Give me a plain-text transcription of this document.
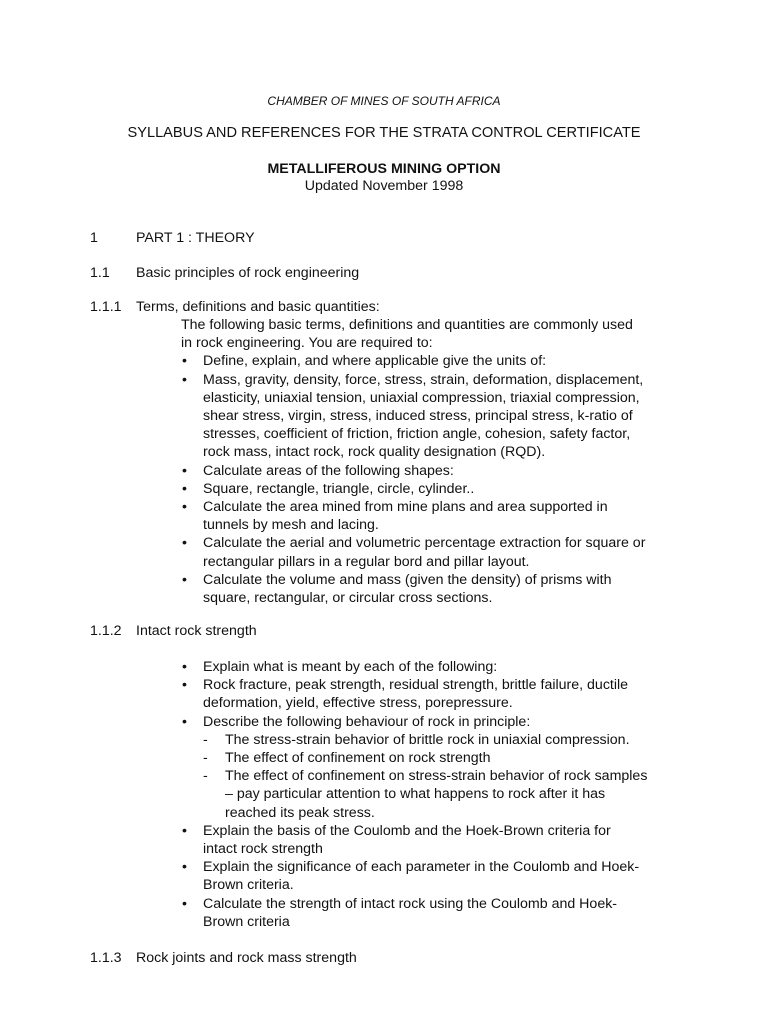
CHAMBER OF MINES OF SOUTH AFRICA
SYLLABUS AND REFERENCES FOR THE STRATA CONTROL CERTIFICATE
METALLIFEROUS MINING OPTION
Updated November 1998
1	PART 1 : THEORY
1.1 Basic principles of rock engineering
1.1.1 Terms, definitions and basic quantities:
The following basic terms, definitions and quantities are commonly used
in rock engineering. You are required to:
• Define, explain, and where applicable give the units of:
• Mass, gravity, density, force, stress, strain, deformation, displacement,
elasticity, uniaxial tension, uniaxial compression, triaxial compression,
shear stress, virgin, stress, induced stress, principal stress, k-ratio of
stresses, coefficient of friction, friction angle, cohesion, safety factor,
rock mass, intact rock, rock quality designation (RQD).
• Calculate areas of the following shapes:
• Square, rectangle, triangle, circle, cylinder..
• Calculate the area mined from mine plans and area supported in
tunnels by mesh and lacing.
• Calculate the aerial and volumetric percentage extraction for square or
rectangular pillars in a regular bord and pillar layout.
• Calculate the volume and mass (given the density) of prisms with
square, rectangular, or circular cross sections.
1.1.2 Intact rock strength
• Explain what is meant by each of the following:
• Rock fracture, peak strength, residual strength, brittle failure, ductile
deformation, yield, effective stress, porepressure.
• Describe the following behaviour of rock in principle:
- The stress-strain behavior of brittle rock in uniaxial compression.
- The effect of confinement on rock strength
- The effect of confinement on stress-strain behavior of rock samples
– pay particular attention to what happens to rock after it has
reached its peak stress.
• Explain the basis of the Coulomb and the Hoek-Brown criteria for
intact rock strength
• Explain the significance of each parameter in the Coulomb and Hoek-
Brown criteria.
• Calculate the strength of intact rock using the Coulomb and Hoek-
Brown criteria
1.1.3 Rock joints and rock mass strength
